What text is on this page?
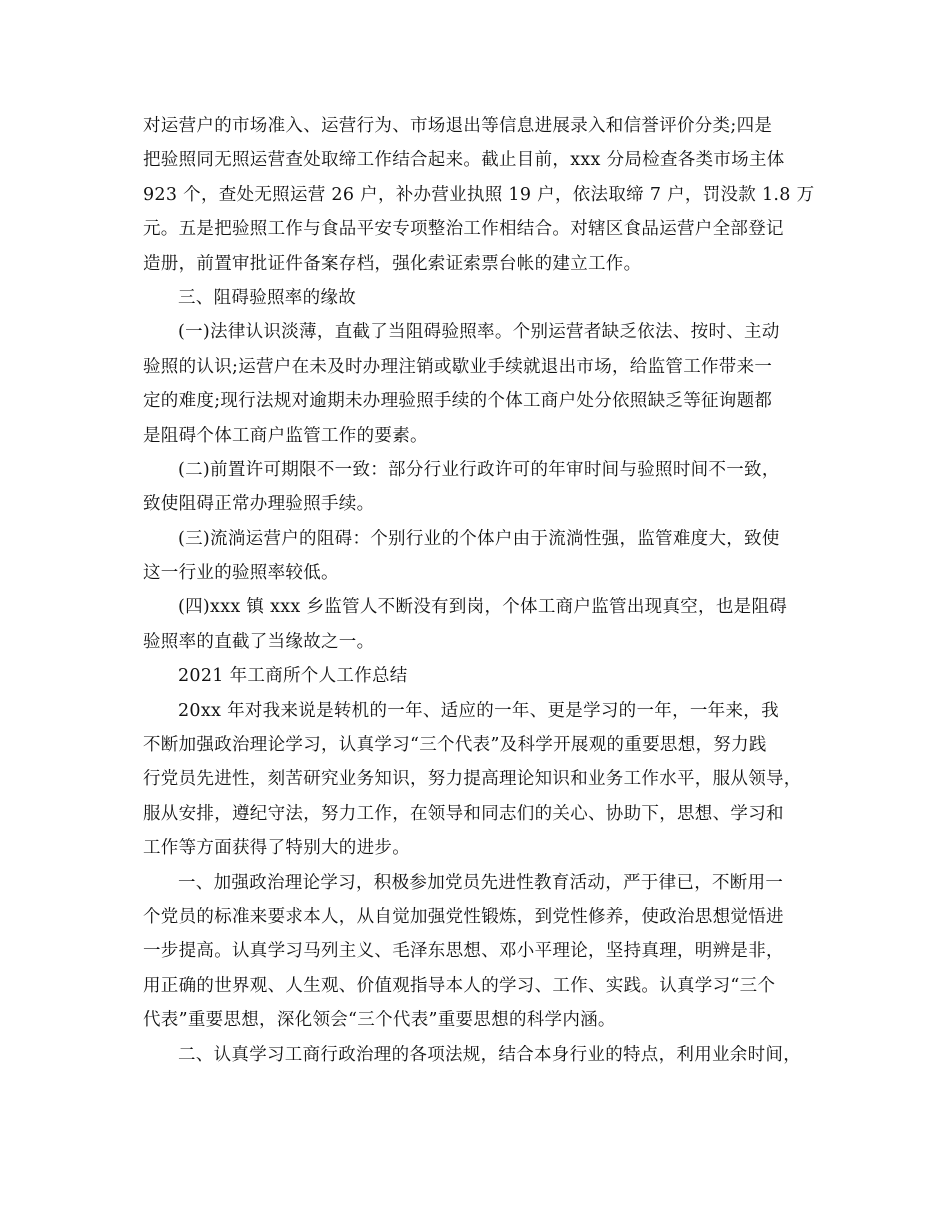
对运营户的市场准入、运营行为、市场退出等信息进展录入和信誉评价分类;四是
把验照同无照运营查处取缔工作结合起来。截止目前，xxx 分局检查各类市场主体
923 个，查处无照运营 26 户，补办营业执照 19 户，依法取缔 7 户，罚没款 1.8 万
元。五是把验照工作与食品平安专项整治工作相结合。对辖区食品运营户全部登记
造册，前置审批证件备案存档，强化索证索票台帐的建立工作。
三、阻碍验照率的缘故
(一)法律认识淡薄，直截了当阻碍验照率。个别运营者缺乏依法、按时、主动
验照的认识;运营户在未及时办理注销或歇业手续就退出市场，给监管工作带来一
定的难度;现行法规对逾期未办理验照手续的个体工商户处分依照缺乏等征询题都
是阻碍个体工商户监管工作的要素。
(二)前置许可期限不一致：部分行业行政许可的年审时间与验照时间不一致，
致使阻碍正常办理验照手续。
(三)流淌运营户的阻碍：个别行业的个体户由于流淌性强，监管难度大，致使
这一行业的验照率较低。
(四)xxx 镇 xxx 乡监管人不断没有到岗，个体工商户监管出现真空，也是阻碍
验照率的直截了当缘故之一。
2021 年工商所个人工作总结
20xx 年对我来说是转机的一年、适应的一年、更是学习的一年，一年来，我
不断加强政治理论学习，认真学习“三个代表”及科学开展观的重要思想，努力践
行党员先进性，刻苦研究业务知识，努力提高理论知识和业务工作水平，服从领导，
服从安排，遵纪守法，努力工作，在领导和同志们的关心、协助下，思想、学习和
工作等方面获得了特别大的进步。
一、加强政治理论学习，积极参加党员先进性教育活动，严于律已，不断用一
个党员的标准来要求本人，从自觉加强党性锻炼，到党性修养，使政治思想觉悟进
一步提高。认真学习马列主义、毛泽东思想、邓小平理论，坚持真理，明辨是非，
用正确的世界观、人生观、价值观指导本人的学习、工作、实践。认真学习“三个
代表”重要思想，深化领会“三个代表”重要思想的科学内涵。
二、认真学习工商行政治理的各项法规，结合本身行业的特点，利用业余时间，
